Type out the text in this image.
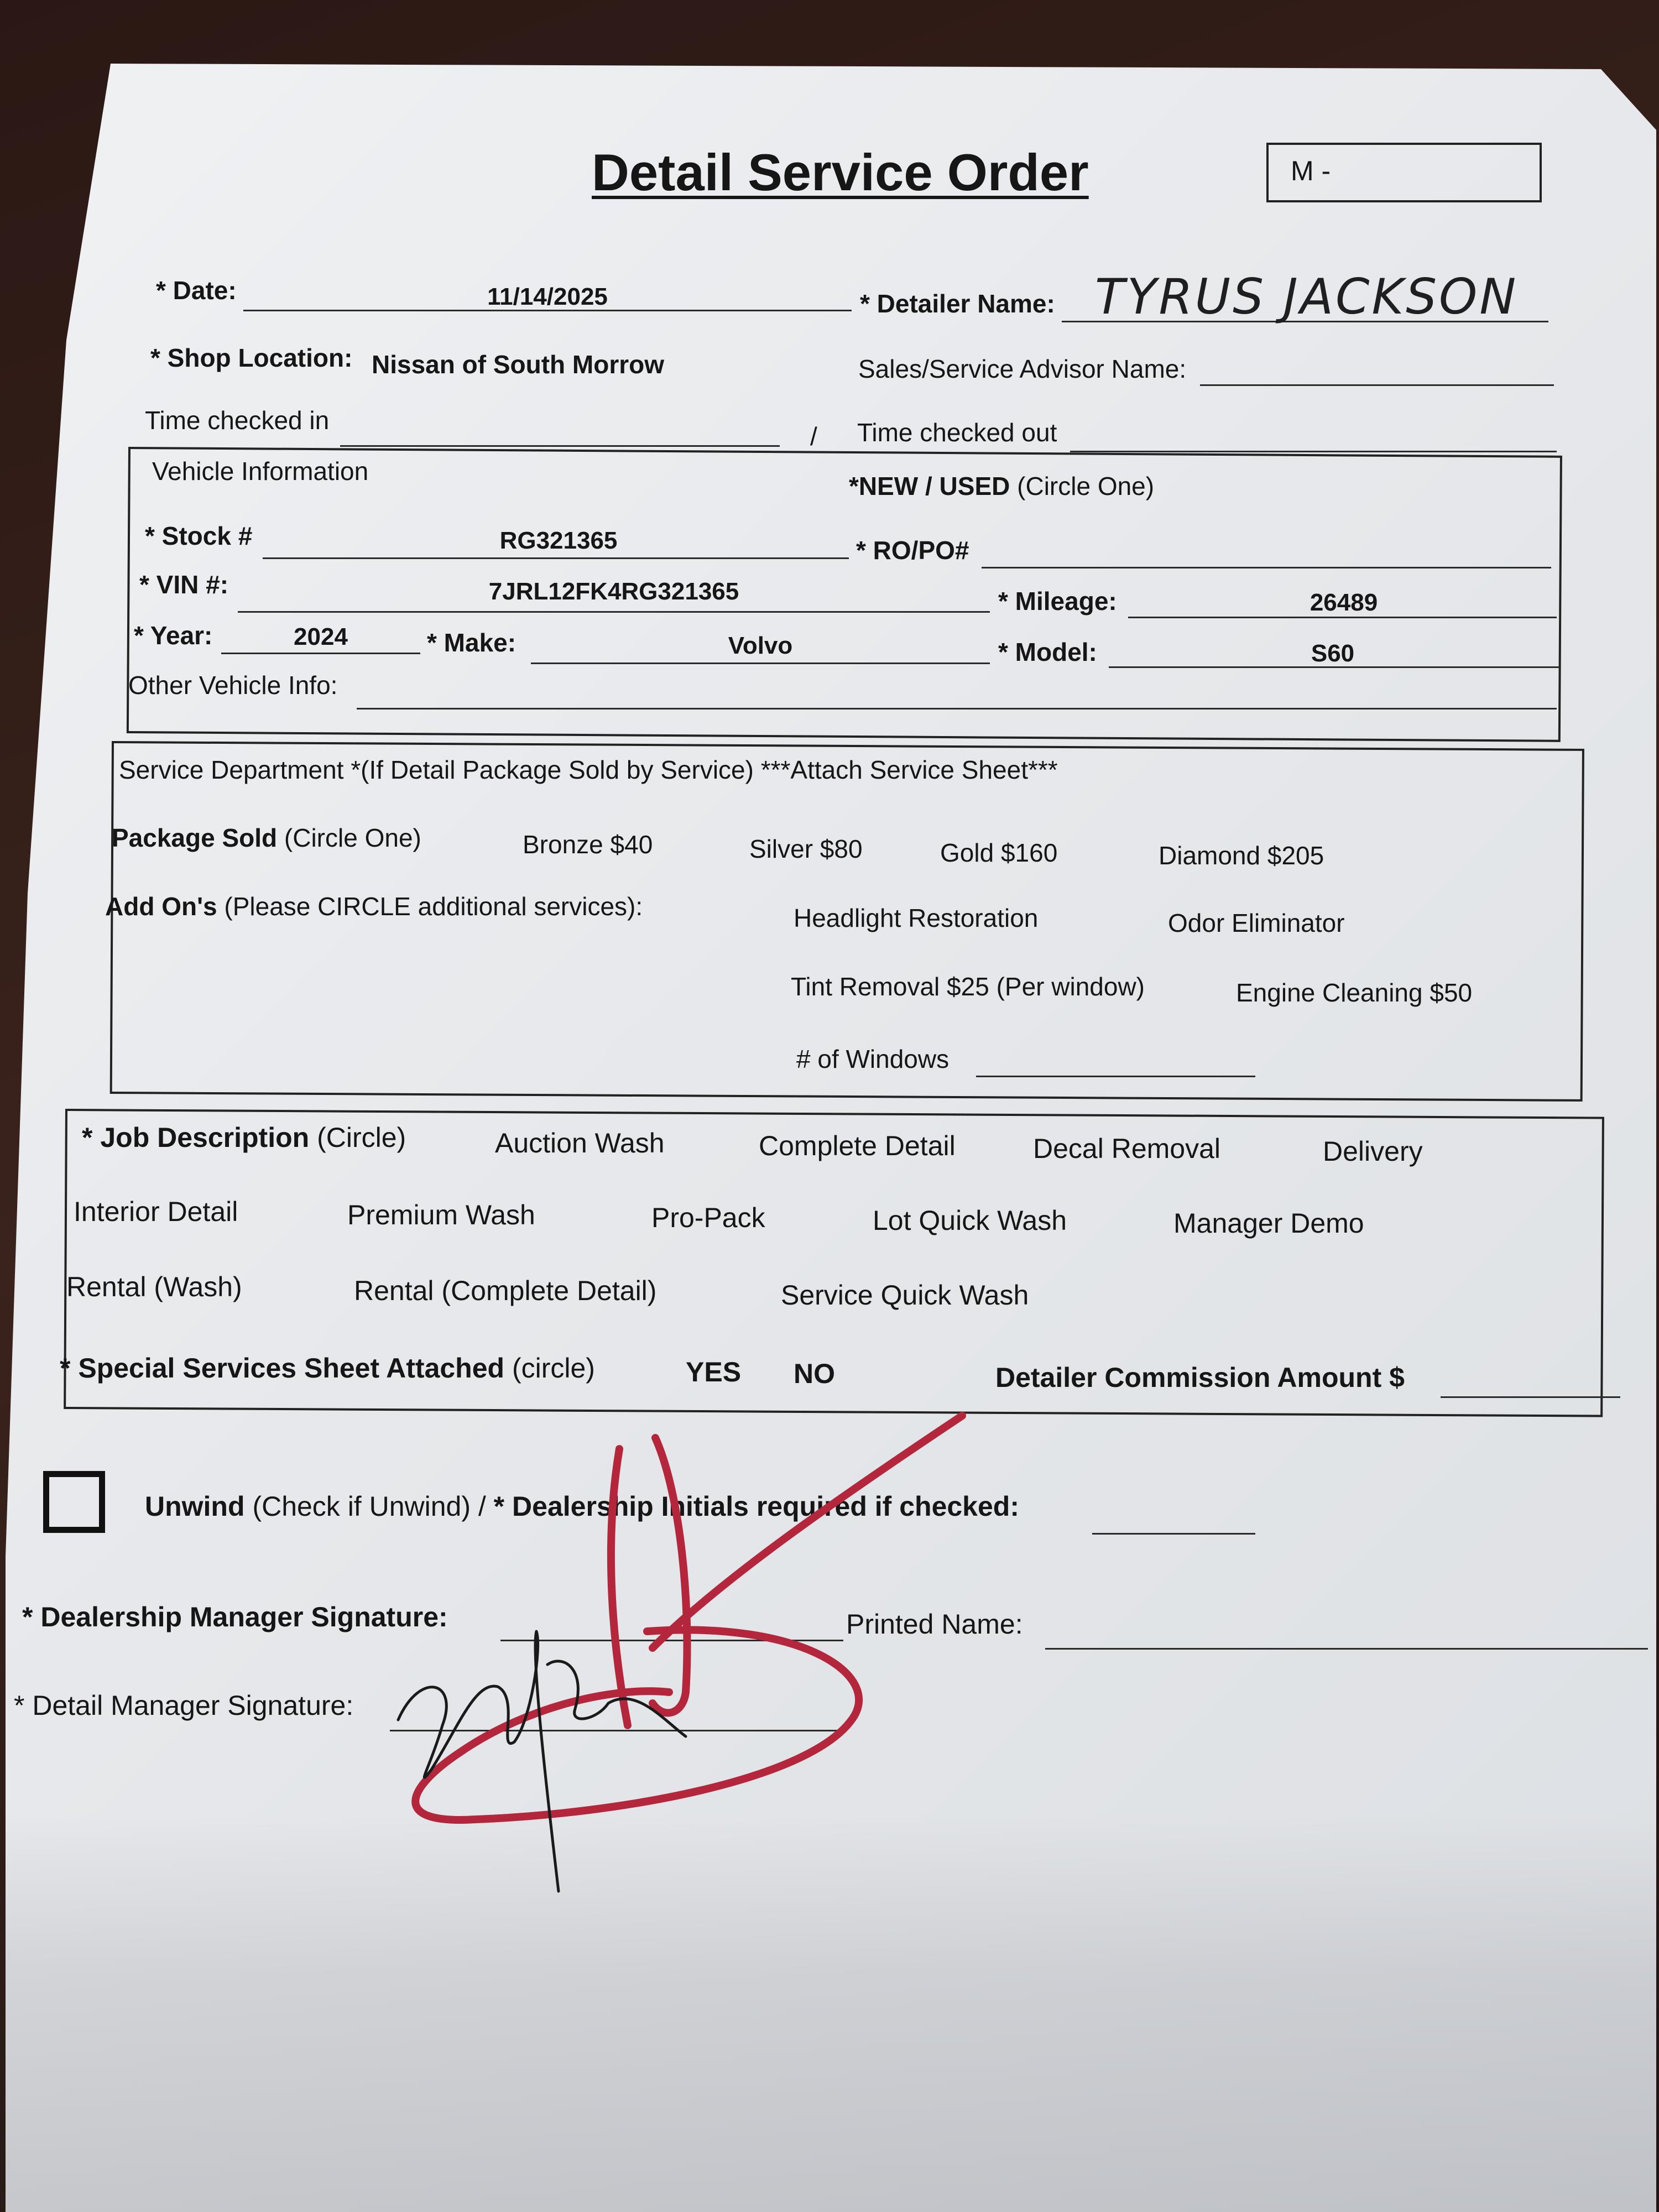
Detail Service Order	M -
* Date:	11/14/2025	* Detailer Name: TYRUS JACKSON
* Shop Location: Nissan of South Morrow	Sales/Service Advisor Name:
Time checked in
/ Time checked out
Vehicle Information
*NEW / USED (Circle One)
* Stock #	RG321365	* RO/PO#
* VIN #:	7JRL12FK4RG321365	* Mileage:	26489
* Year:	2024	* Make:	Volvo	* Model:	S60
Other Vehicle Info:
Service Department *(If Detail Package Sold by Service) ***Attach Service Sheet***
Package Sold (Circle One)	Bronze $40	Silver $80	Gold $160	Diamond $205
Add On's (Please CIRCLE additional services):	Headlight Restoration	Odor Eliminator
Tint Removal $25 (Per window)	Engine Cleaning $50
# of Windows
* Job Description (Circle)	Auction Wash	Complete Detail	Decal Removal	Delivery
Interior Detail	Premium Wash	Pro-Pack	Lot Quick Wash	Manager Demo
Rental (Wash)	Rental (Complete Detail)	Service Quick Wash
* Special Services Sheet Attached (circle)	YES NO	Detailer Commission Amount $
Unwind (Check if Unwind) / * Dealership Initials required if checked:
* Dealership Manager Signature:	Printed Name:
* Detail Manager Signature:
